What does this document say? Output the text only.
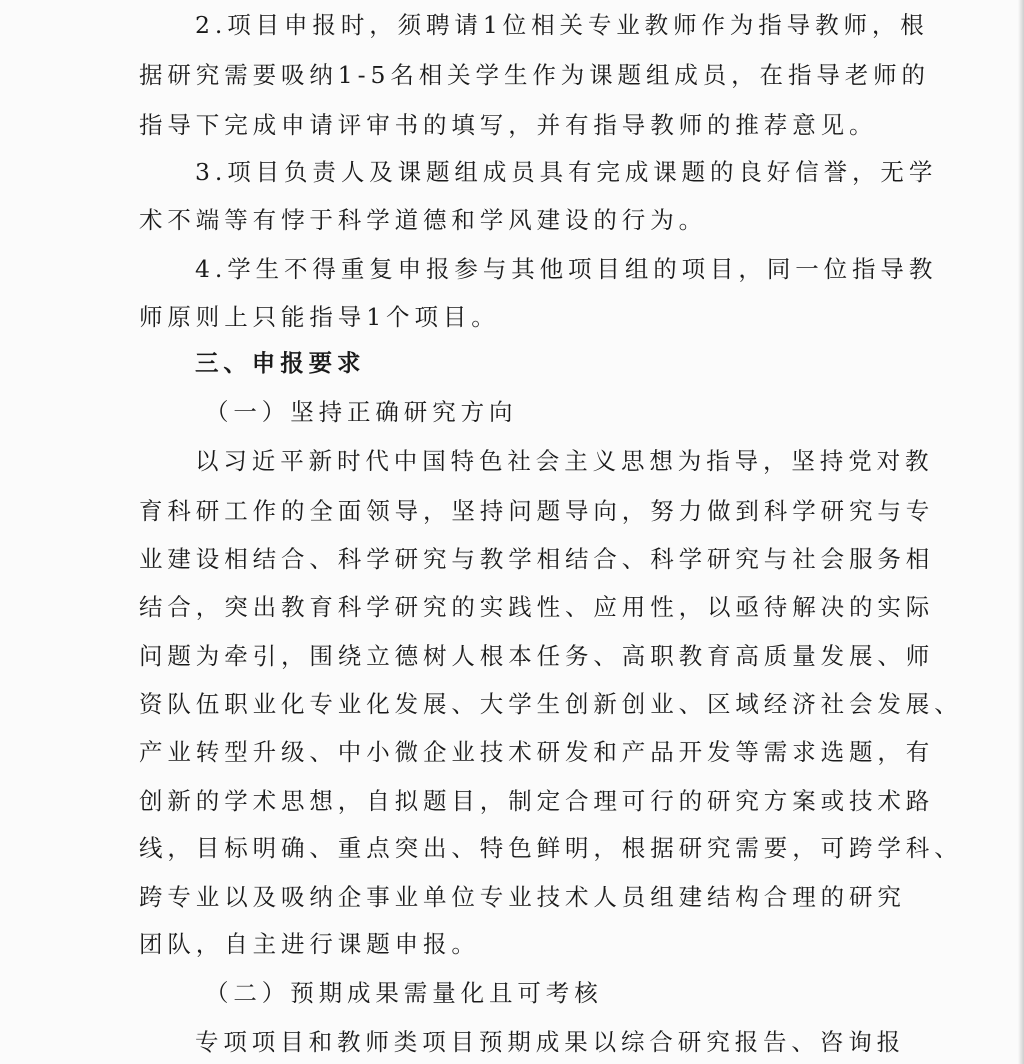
2.项目申报时，须聘请1位相关专业教师作为指导教师，根
据研究需要吸纳1-5名相关学生作为课题组成员，在指导老师的
指导下完成申请评审书的填写，并有指导教师的推荐意见。
3.项目负责人及课题组成员具有完成课题的良好信誉，无学
术不端等有悖于科学道德和学风建设的行为。
4.学生不得重复申报参与其他项目组的项目，同一位指导教
师原则上只能指导1个项目。
三、申报要求
（一）坚持正确研究方向
以习近平新时代中国特色社会主义思想为指导，坚持党对教
育科研工作的全面领导，坚持问题导向，努力做到科学研究与专
业建设相结合、科学研究与教学相结合、科学研究与社会服务相
结合，突出教育科学研究的实践性、应用性，以亟待解决的实际
问题为牵引，围绕立德树人根本任务、高职教育高质量发展、师
资队伍职业化专业化发展、大学生创新创业、区域经济社会发展、
产业转型升级、中小微企业技术研发和产品开发等需求选题，有
创新的学术思想，自拟题目，制定合理可行的研究方案或技术路
线，目标明确、重点突出、特色鲜明，根据研究需要，可跨学科、
跨专业以及吸纳企事业单位专业技术人员组建结构合理的研究
团队，自主进行课题申报。
（二）预期成果需量化且可考核
专项项目和教师类项目预期成果以综合研究报告、咨询报
